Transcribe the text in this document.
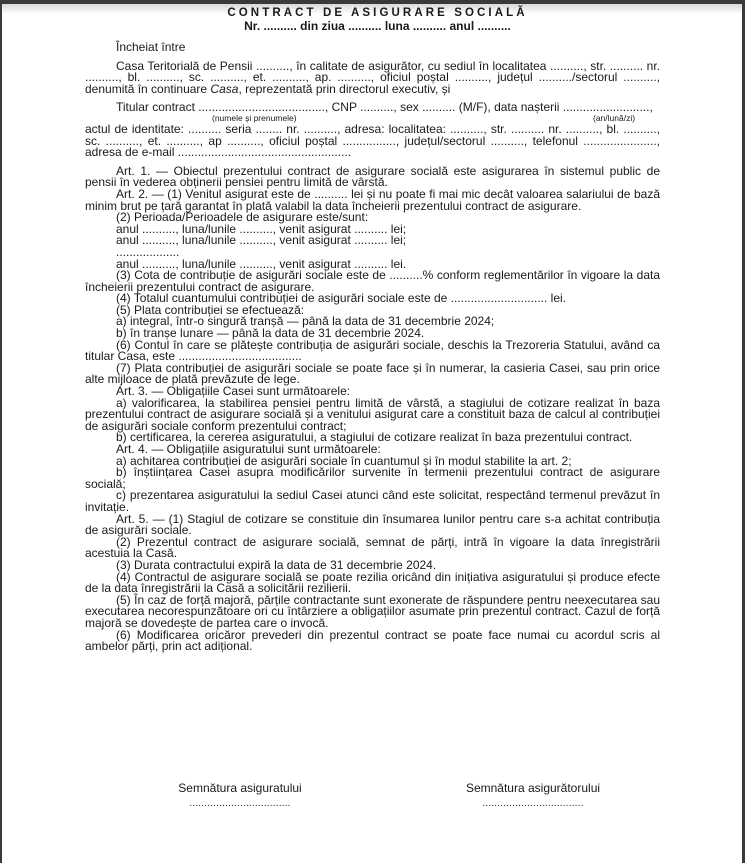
CONTRACT DE ASIGURARE SOCIALĂ
Nr. .......... din ziua .......... luna .......... anul ..........

Încheiat între

Casa Teritorială de Pensii .........., în calitate de asigurător, cu sediul în localitatea .........., str. .......... nr. .........., bl. .........., sc. .........., et. .........., ap. .........., oficiul poștal .........., județul ........../sectorul .........., denumită în continuare Casa, reprezentată prin directorul executiv, și

Titular contract ......................................, CNP .........., sex .......... (M/F), data nașterii ..........................,

(numele și prenumele)	(an/lună/zi)

actul de identitate: .......... seria ........ nr. .........., adresa: localitatea: .........., str. .......... nr. .........., bl. .........., sc. .........., et. .........., ap .........., oficiul poștal ................, județul/sectorul .........., telefonul ......................, adresa de e-mail ....................................................

Art. 1. — Obiectul prezentului contract de asigurare socială este asigurarea în sistemul public de pensii în vederea obținerii pensiei pentru limită de vârstă.

Art. 2. — (1) Venitul asigurat este de .......... lei și nu poate fi mai mic decât valoarea salariului de bază minim brut pe țară garantat în plată valabil la data încheierii prezentului contract de asigurare.

(2) Perioada/Perioadele de asigurare este/sunt:

anul .........., luna/lunile .........., venit asigurat .......... lei;

anul .........., luna/lunile .........., venit asigurat .......... lei;

...................

anul .........., luna/lunile .........., venit asigurat .......... lei.

(3) Cota de contribuție de asigurări sociale este de ..........% conform reglementărilor în vigoare la data încheierii prezentului contract de asigurare.

(4) Totalul cuantumului contribuției de asigurări sociale este de ............................. lei.

(5) Plata contribuției se efectuează:

a) integral, într-o singură tranșă — până la data de 31 decembrie 2024;

b) în tranșe lunare — până la data de 31 decembrie 2024.

(6) Contul în care se plătește contribuția de asigurări sociale, deschis la Trezoreria Statului, având ca titular Casa, este .....................................

(7) Plata contribuției de asigurări sociale se poate face și în numerar, la casieria Casei, sau prin orice alte mijloace de plată prevăzute de lege.

Art. 3. — Obligațiile Casei sunt următoarele:

a) valorificarea, la stabilirea pensiei pentru limită de vârstă, a stagiului de cotizare realizat în baza prezentului contract de asigurare socială și a venitului asigurat care a constituit baza de calcul al contribuției de asigurări sociale conform prezentului contract;

b) certificarea, la cererea asiguratului, a stagiului de cotizare realizat în baza prezentului contract.

Art. 4. — Obligațiile asiguratului sunt următoarele:

a) achitarea contribuției de asigurări sociale în cuantumul și în modul stabilite la art. 2;

b) înștiințarea Casei asupra modificărilor survenite în termenii prezentului contract de asigurare socială;

c) prezentarea asiguratului la sediul Casei atunci când este solicitat, respectând termenul prevăzut în invitație.

Art. 5. — (1) Stagiul de cotizare se constituie din însumarea lunilor pentru care s-a achitat contribuția de asigurări sociale.

(2) Prezentul contract de asigurare socială, semnat de părți, intră în vigoare la data înregistrării acestuia la Casă.

(3) Durata contractului expiră la data de 31 decembrie 2024.

(4) Contractul de asigurare socială se poate rezilia oricând din inițiativa asiguratului și produce efecte de la data înregistrării la Casă a solicitării rezilierii.

(5) În caz de forță majoră, părțile contractante sunt exonerate de răspundere pentru neexecutarea sau executarea necorespunzătoare ori cu întârziere a obligațiilor asumate prin prezentul contract. Cazul de forță majoră se dovedește de partea care o invocă.

(6) Modificarea oricăror prevederi din prezentul contract se poate face numai cu acordul scris al ambelor părți, prin act adițional.

Semnătura asiguratului
..................................
Semnătura asigurătorului
..................................
